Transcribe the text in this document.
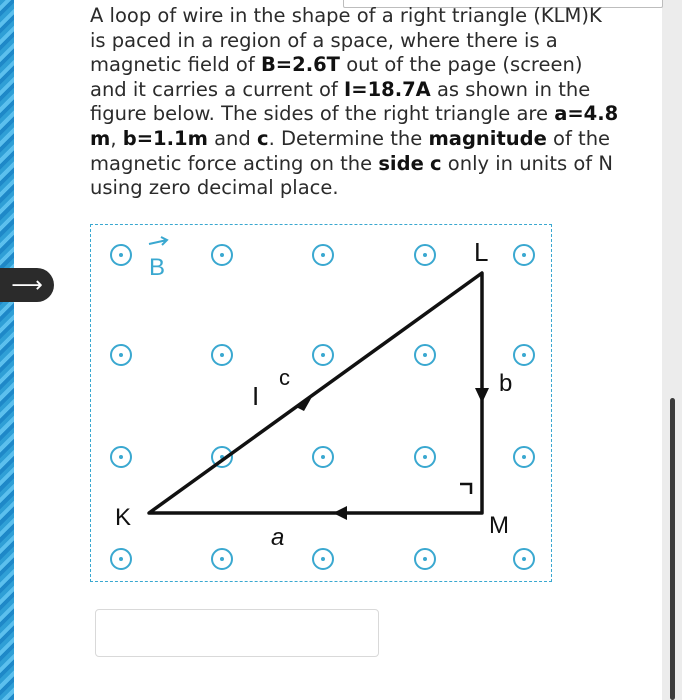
A loop of wire in the shape of a right triangle (KLM)K is paced in a region of a space, where there is a magnetic field of B=2.6T out of the page (screen) and it carries a current of I=18.7A as shown in the figure below. The sides of the right triangle are a=4.8 m, b=1.1m and c. Determine the magnitude of the magnetic force acting on the side c only in units of N using zero decimal place.
⟶
B
I
c	b
a
K
L
M
